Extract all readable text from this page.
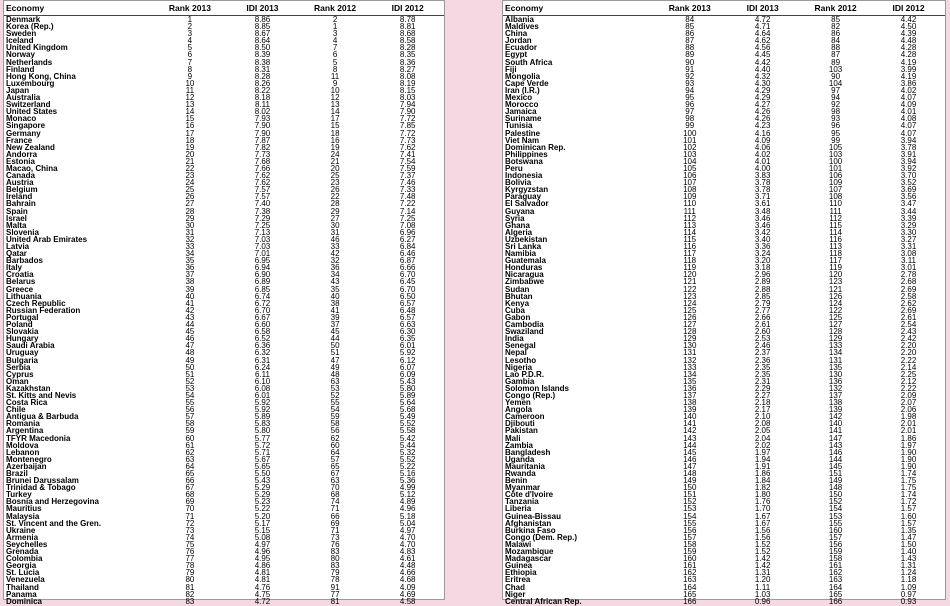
Economy	Rank 2013	IDI 2013	Rank 2012	IDI 2012
Denmark	1	8.86	2	8.78
Korea (Rep.)	2	8.85	1	8.81
Sweden	3	8.67	3	8.68
Iceland	4	8.64	4	8.58
United Kingdom	5	8.50	7	8.28
Norway	6	8.39	6	8.35
Netherlands	7	8.38	5	8.36
Finland	8	8.31	8	8.27
Hong Kong, China	9	8.28	11	8.08
Luxembourg	10	8.26	9	8.19
Japan	11	8.22	10	8.15
Australia	12	8.18	12	8.03
Switzerland	13	8.11	13	7.94
United States	14	8.02	14	7.90
Monaco	15	7.93	17	7.72
Singapore	16	7.90	15	7.85
Germany	17	7.90	18	7.72
France	18	7.87	16	7.73
New Zealand	19	7.82	19	7.62
Andorra	20	7.73	24	7.41
Estonia	21	7.68	21	7.54
Macao, China	22	7.66	20	7.59
Canada	23	7.62	25	7.37
Austria	24	7.62	23	7.46
Belgium	25	7.57	26	7.33
Ireland	26	7.57	22	7.48
Bahrain	27	7.40	28	7.22
Spain	28	7.38	29	7.14
Israel	29	7.29	27	7.25
Malta	30	7.25	30	7.08
Slovenia	31	7.13	31	6.96
United Arab Emirates	32	7.03	46	6.27
Latvia	33	7.03	33	6.84
Qatar	34	7.01	42	6.46
Barbados	35	6.95	32	6.87
Italy	36	6.94	36	6.66
Croatia	37	6.90	34	6.70
Belarus	38	6.89	43	6.45
Greece	39	6.85	35	6.70
Lithuania	40	6.74	40	6.50
Czech Republic	41	6.72	38	6.57
Russian Federation	42	6.70	41	6.48
Portugal	43	6.67	39	6.57
Poland	44	6.60	37	6.63
Slovakia	45	6.58	45	6.30
Hungary	46	6.52	44	6.35
Saudi Arabia	47	6.36	50	6.01
Uruguay	48	6.32	51	5.92
Bulgaria	49	6.31	47	6.12
Serbia	50	6.24	49	6.07
Cyprus	51	6.11	48	6.09
Oman	52	6.10	63	5.43
Kazakhstan	53	6.08	53	5.80
St. Kitts and Nevis	54	6.01	52	5.89
Costa Rica	55	5.92	55	5.64
Chile	56	5.92	54	5.68
Antigua & Barbuda	57	5.89	59	5.49
Romania	58	5.83	58	5.52
Argentina	59	5.80	56	5.58
TFYR Macedonia	60	5.77	62	5.42
Moldova	61	5.72	60	5.44
Lebanon	62	5.71	64	5.32
Montenegro	63	5.67	57	5.52
Azerbaijan	64	5.65	65	5.22
Brazil	65	5.50	67	5.16
Brunei Darussalam	66	5.43	63	5.36
Trinidad & Tobago	67	5.29	70	4.99
Turkey	68	5.29	68	5.12
Bosnia and Herzegovina	69	5.23	74	4.89
Mauritius	70	5.22	71	4.96
Malaysia	71	5.20	66	5.18
St. Vincent and the Gren.	72	5.17	69	5.04
Ukraine	73	5.15	71	4.97
Armenia	74	5.08	73	4.70
Seychelles	75	4.97	76	4.70
Grenada	76	4.96	83	4.83
Colombia	77	4.95	80	4.61
Georgia	78	4.86	83	4.48
St. Lucia	79	4.81	79	4.66
Venezuela	80	4.81	78	4.68
Thailand	81	4.76	91	4.09
Panama	82	4.75	77	4.69
Dominica	83	4.72	81	4.58
Economy	Rank 2013	IDI 2013	Rank 2012	IDI 2012
Albania	84	4.72	85	4.42
Maldives	85	4.71	82	4.50
China	86	4.64	86	4.39
Jordan	87	4.62	84	4.48
Ecuador	88	4.56	88	4.28
Egypt	89	4.45	87	4.28
South Africa	90	4.42	89	4.19
Fiji	91	4.40	103	3.99
Mongolia	92	4.32	90	4.19
Cape Verde	93	4.30	104	3.86
Iran (I.R.)	94	4.29	97	4.02
Mexico	95	4.29	94	4.07
Morocco	96	4.27	92	4.09
Jamaica	97	4.26	98	4.01
Suriname	98	4.26	93	4.08
Tunisia	99	4.23	96	4.07
Palestine	100	4.16	95	4.07
Viet Nam	101	4.09	99	3.94
Dominican Rep.	102	4.06	105	3.78
Philippines	103	4.02	103	3.91
Botswana	104	4.01	100	3.94
Peru	105	4.00	101	3.92
Indonesia	106	3.83	106	3.70
Bolivia	107	3.78	109	3.52
Kyrgyzstan	108	3.78	107	3.69
Paraguay	109	3.71	108	3.56
El Salvador	110	3.61	110	3.47
Guyana	111	3.48	111	3.44
Syria	112	3.46	112	3.39
Ghana	113	3.46	115	3.29
Algeria	114	3.42	114	3.30
Uzbekistan	115	3.40	116	3.27
Sri Lanka	116	3.36	113	3.31
Namibia	117	3.24	118	3.08
Guatemala	118	3.20	117	3.11
Honduras	119	3.18	119	3.01
Nicaragua	120	2.96	120	2.78
Zimbabwe	121	2.89	123	2.68
Sudan	122	2.88	121	2.69
Bhutan	123	2.85	126	2.58
Kenya	124	2.79	124	2.62
Cuba	125	2.77	122	2.69
Gabon	126	2.66	125	2.61
Cambodia	127	2.61	127	2.54
Swaziland	128	2.60	128	2.43
India	129	2.53	129	2.42
Senegal	130	2.46	133	2.20
Nepal	131	2.37	134	2.20
Lesotho	132	2.36	131	2.22
Nigeria	133	2.35	135	2.14
Lao P.D.R.	134	2.35	130	2.25
Gambia	135	2.31	136	2.12
Solomon Islands	136	2.29	132	2.22
Congo (Rep.)	137	2.27	137	2.09
Yemen	138	2.18	138	2.07
Angola	139	2.17	139	2.06
Cameroon	140	2.10	142	1.98
Djibouti	141	2.08	140	2.01
Pakistan	142	2.05	141	2.01
Mali	143	2.04	147	1.86
Zambia	144	2.02	143	1.97
Bangladesh	145	1.97	146	1.90
Uganda	146	1.94	144	1.90
Mauritania	147	1.91	145	1.90
Rwanda	148	1.86	151	1.74
Benin	149	1.84	149	1.75
Myanmar	150	1.82	148	1.75
Côte d'Ivoire	151	1.80	150	1.74
Tanzania	152	1.76	152	1.72
Liberia	153	1.70	154	1.57
Guinea-Bissau	154	1.67	153	1.60
Afghanistan	155	1.67	155	1.57
Burkina Faso	156	1.56	160	1.35
Congo (Dem. Rep.)	157	1.56	157	1.47
Malawi	158	1.52	156	1.50
Mozambique	159	1.52	159	1.40
Madagascar	160	1.42	158	1.43
Guinea	161	1.42	161	1.31
Ethiopia	162	1.31	162	1.24
Eritrea	163	1.20	163	1.18
Chad	164	1.11	164	1.09
Niger	165	1.03	165	0.97
Central African Rep.	166	0.96	166	0.93
